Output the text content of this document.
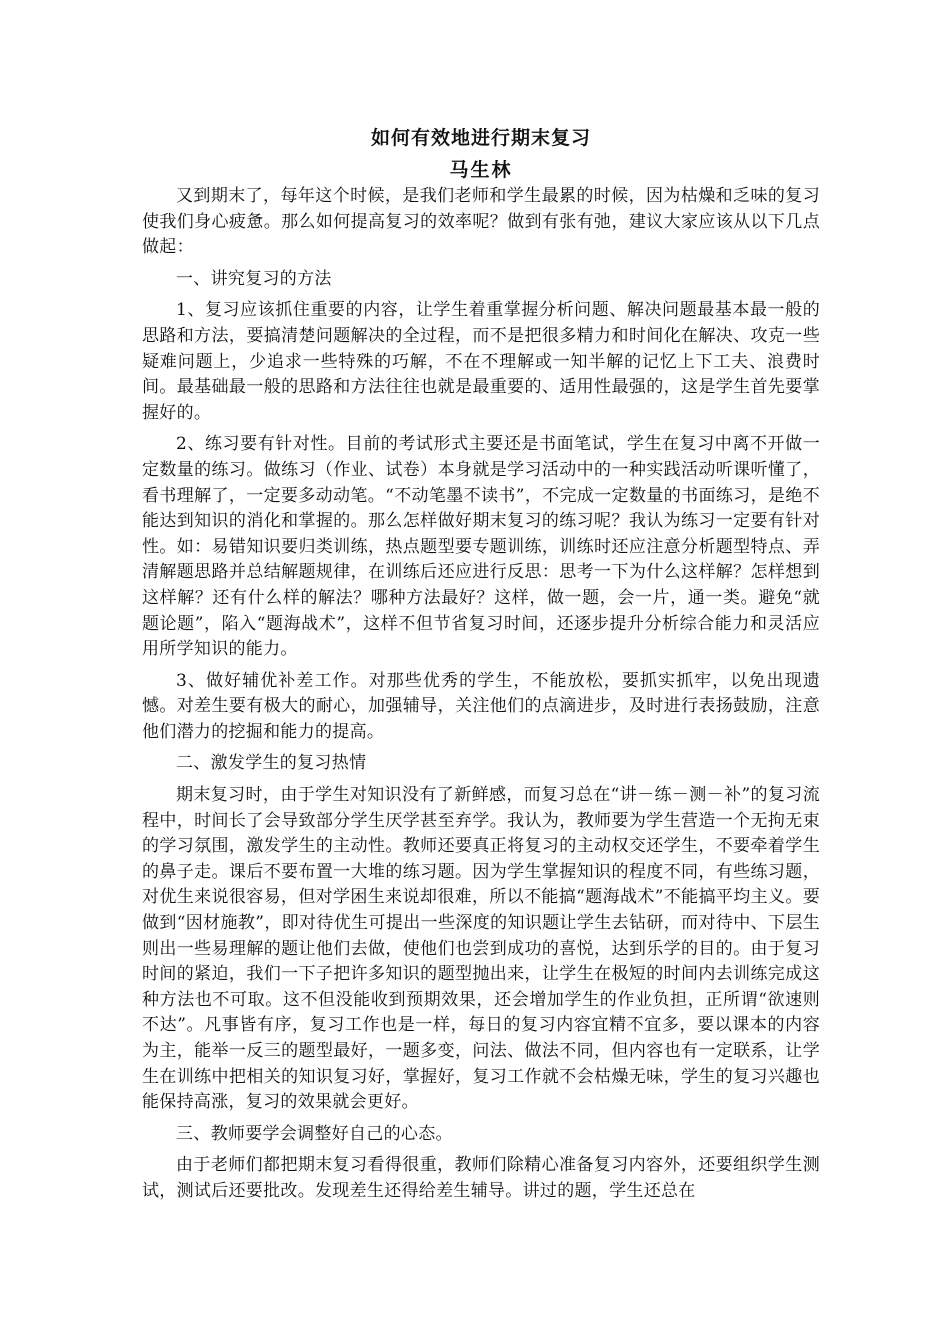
如何有效地进行期末复习
马生林

又到期末了，每年这个时候，是我们老师和学生最累的时候，因为枯燥和乏味的复习使我们身心疲惫。那么如何提高复习的效率呢？做到有张有弛，建议大家应该从以下几点做起：

一、讲究复习的方法

1、复习应该抓住重要的内容，让学生着重掌握分析问题、解决问题最基本最一般的思路和方法，要搞清楚问题解决的全过程，而不是把很多精力和时间化在解决、攻克一些疑难问题上，少追求一些特殊的巧解，不在不理解或一知半解的记忆上下工夫、浪费时间。最基础最一般的思路和方法往往也就是最重要的、适用性最强的，这是学生首先要掌握好的。

2、练习要有针对性。目前的考试形式主要还是书面笔试，学生在复习中离不开做一定数量的练习。做练习（作业、试卷）本身就是学习活动中的一种实践活动听课听懂了，看书理解了，一定要多动动笔。“不动笔墨不读书”，不完成一定数量的书面练习，是绝不能达到知识的消化和掌握的。那么怎样做好期末复习的练习呢？我认为练习一定要有针对性。如：易错知识要归类训练，热点题型要专题训练，训练时还应注意分析题型特点、弄清解题思路并总结解题规律，在训练后还应进行反思：思考一下为什么这样解？怎样想到这样解？还有什么样的解法？哪种方法最好？这样，做一题，会一片，通一类。避免“就题论题”，陷入“题海战术”，这样不但节省复习时间，还逐步提升分析综合能力和灵活应用所学知识的能力。

3、做好辅优补差工作。对那些优秀的学生，不能放松，要抓实抓牢，以免出现遗憾。对差生要有极大的耐心，加强辅导，关注他们的点滴进步，及时进行表扬鼓励，注意他们潜力的挖掘和能力的提高。

二、激发学生的复习热情

期末复习时，由于学生对知识没有了新鲜感，而复习总在“讲－练－测－补”的复习流程中，时间长了会导致部分学生厌学甚至弃学。我认为，教师要为学生营造一个无拘无束的学习氛围，激发学生的主动性。教师还要真正将复习的主动权交还学生，不要牵着学生的鼻子走。课后不要布置一大堆的练习题。因为学生掌握知识的程度不同，有些练习题，对优生来说很容易，但对学困生来说却很难，所以不能搞“题海战术”不能搞平均主义。要做到“因材施教”，即对待优生可提出一些深度的知识题让学生去钻研，而对待中、下层生则出一些易理解的题让他们去做，使他们也尝到成功的喜悦，达到乐学的目的。由于复习时间的紧迫，我们一下子把许多知识的题型抛出来，让学生在极短的时间内去训练完成这种方法也不可取。这不但没能收到预期效果，还会增加学生的作业负担，正所谓“欲速则不达”。凡事皆有序，复习工作也是一样，每日的复习内容宜精不宜多，要以课本的内容为主，能举一反三的题型最好，一题多变，问法、做法不同，但内容也有一定联系，让学生在训练中把相关的知识复习好，掌握好，复习工作就不会枯燥无味，学生的复习兴趣也能保持高涨，复习的效果就会更好。

三、教师要学会调整好自己的心态。

由于老师们都把期末复习看得很重，教师们除精心准备复习内容外，还要组织学生测试，测试后还要批改。发现差生还得给差生辅导。讲过的题，学生还总在
